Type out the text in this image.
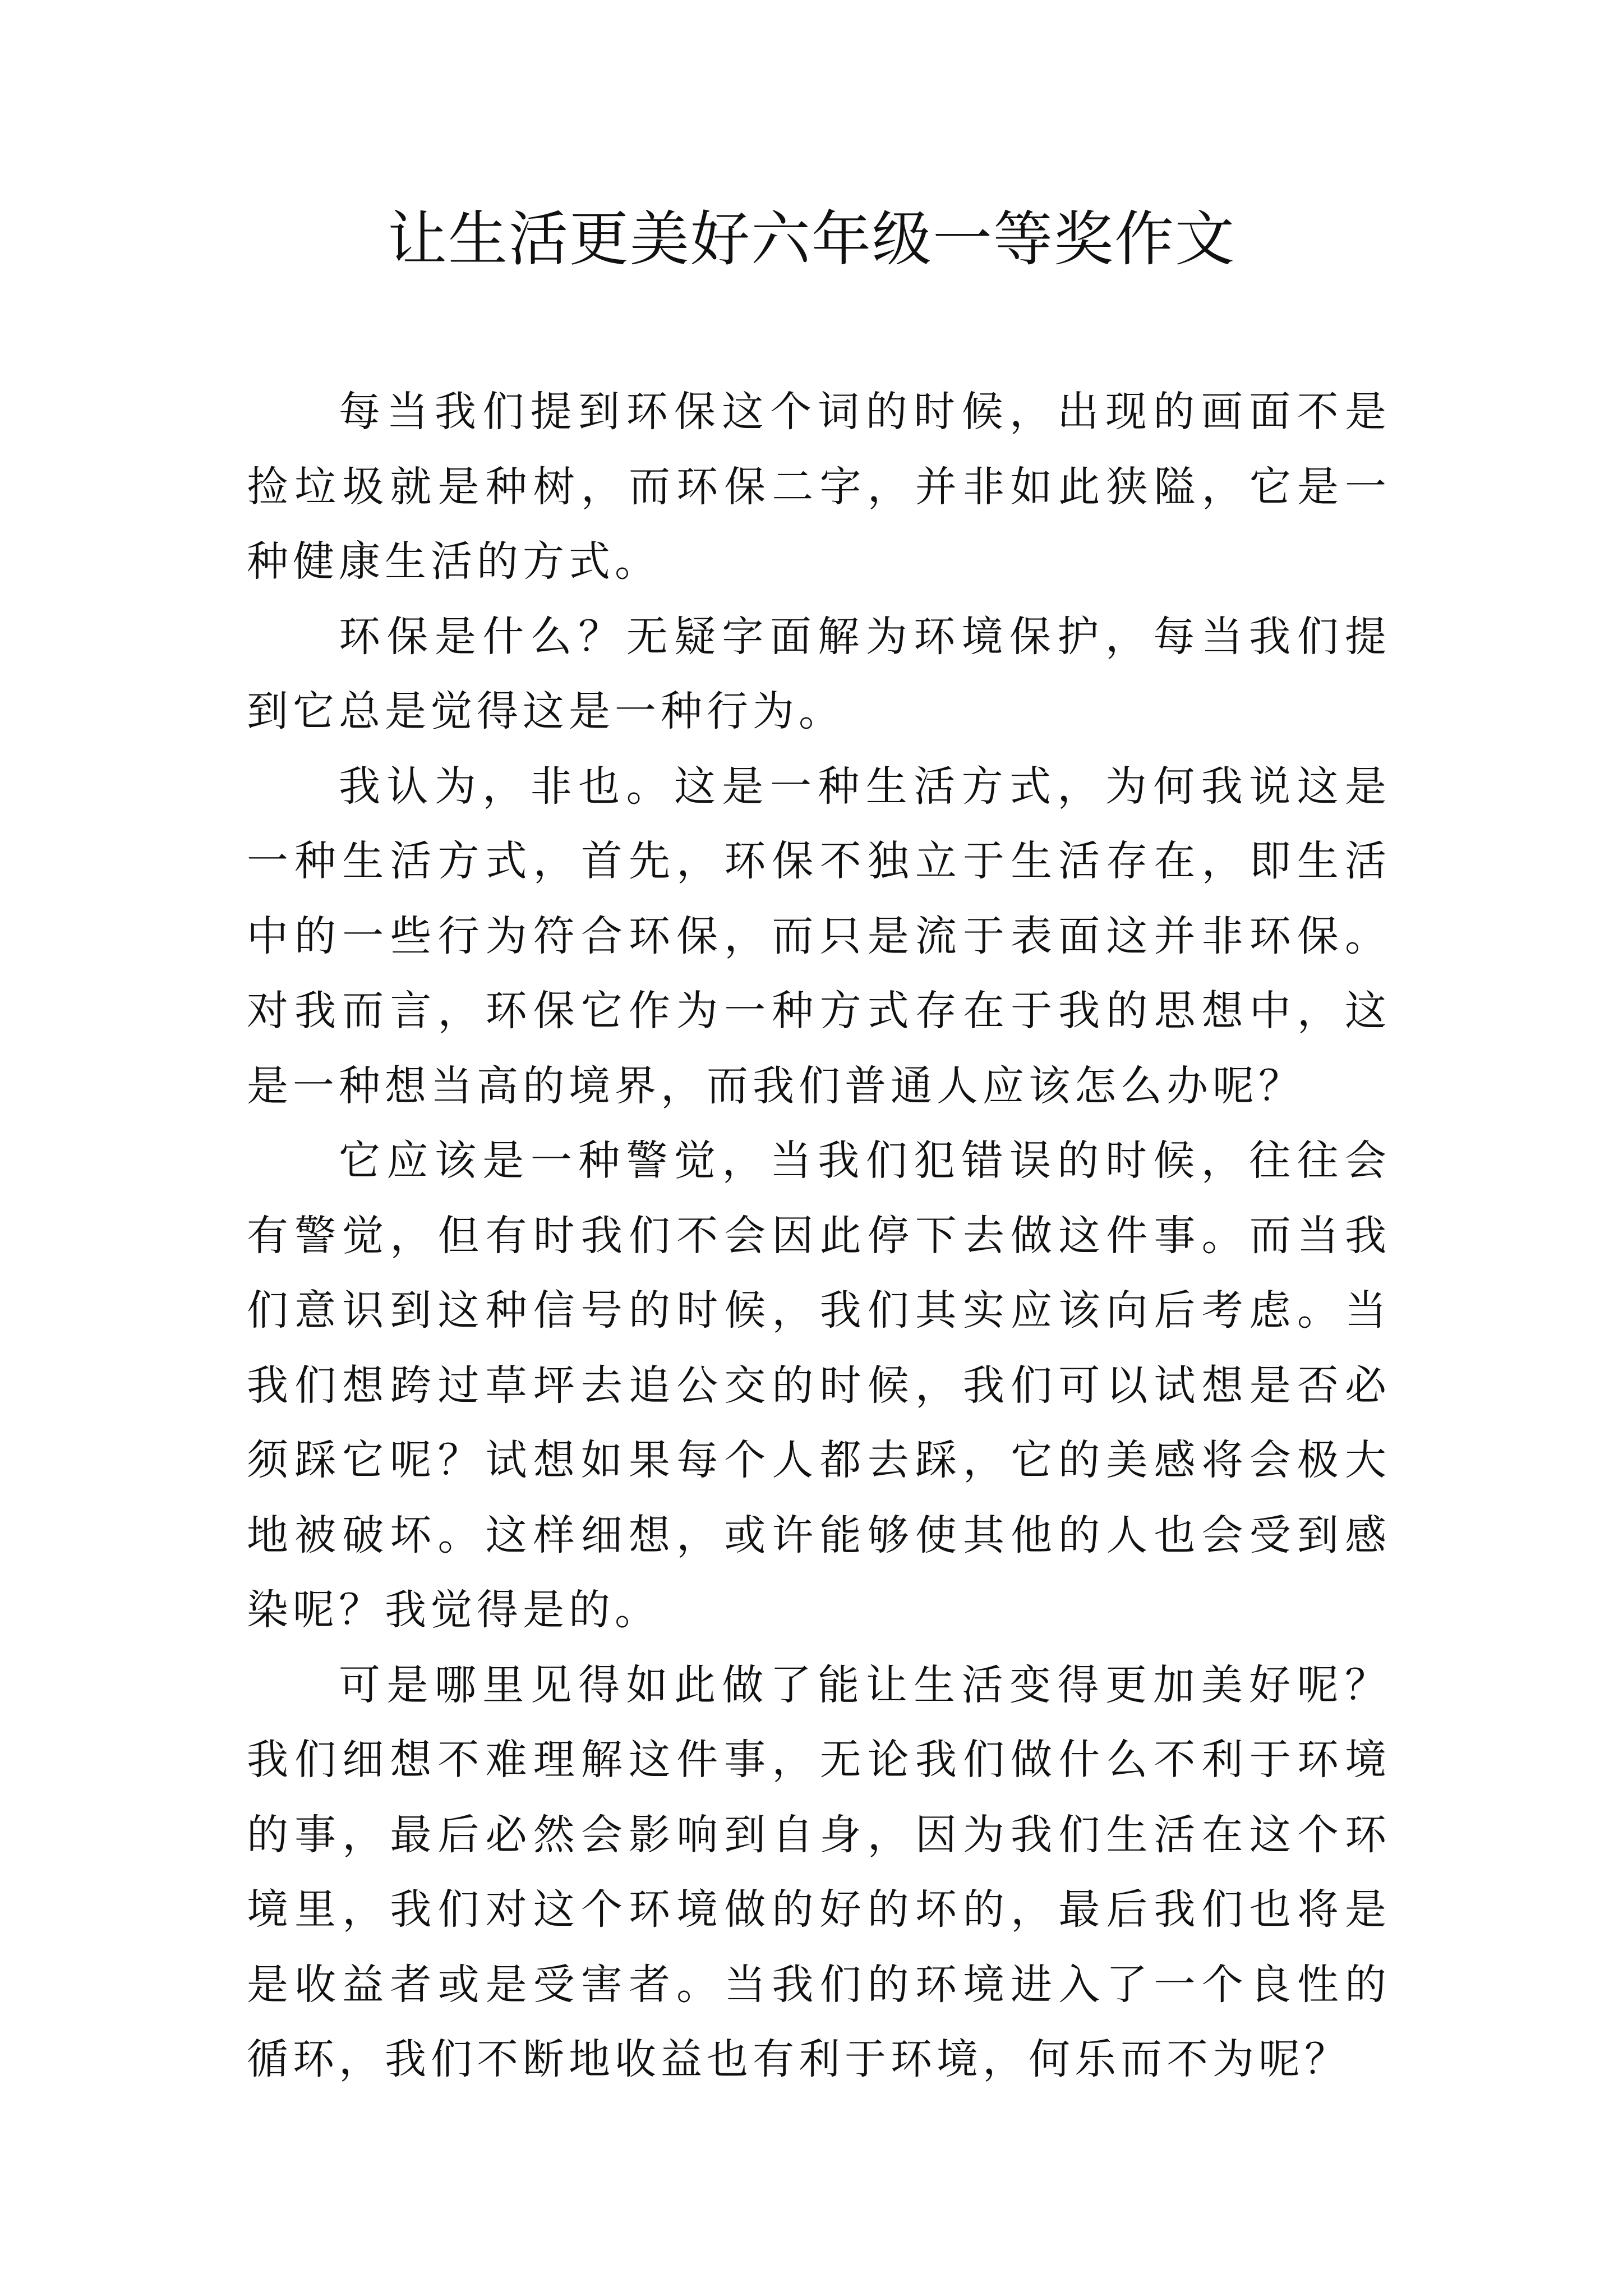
让生活更美好六年级一等奖作文

每当我们提到环保这个词的时候，出现的画面不是捡垃圾就是种树，而环保二字，并非如此狭隘，它是一种健康生活的方式。

环保是什么？无疑字面解为环境保护，每当我们提到它总是觉得这是一种行为。

我认为，非也。这是一种生活方式，为何我说这是一种生活方式，首先，环保不独立于生活存在，即生活中的一些行为符合环保，而只是流于表面这并非环保。对我而言，环保它作为一种方式存在于我的思想中，这是一种想当高的境界，而我们普通人应该怎么办呢？

它应该是一种警觉，当我们犯错误的时候，往往会有警觉，但有时我们不会因此停下去做这件事。而当我们意识到这种信号的时候，我们其实应该向后考虑。当我们想跨过草坪去追公交的时候，我们可以试想是否必须踩它呢？试想如果每个人都去踩，它的美感将会极大地被破坏。这样细想，或许能够使其他的人也会受到感染呢？我觉得是的。

可是哪里见得如此做了能让生活变得更加美好呢？我们细想不难理解这件事，无论我们做什么不利于环境的事，最后必然会影响到自身，因为我们生活在这个环境里，我们对这个环境做的好的坏的，最后我们也将是是收益者或是受害者。当我们的环境进入了一个良性的循环，我们不断地收益也有利于环境，何乐而不为呢？
